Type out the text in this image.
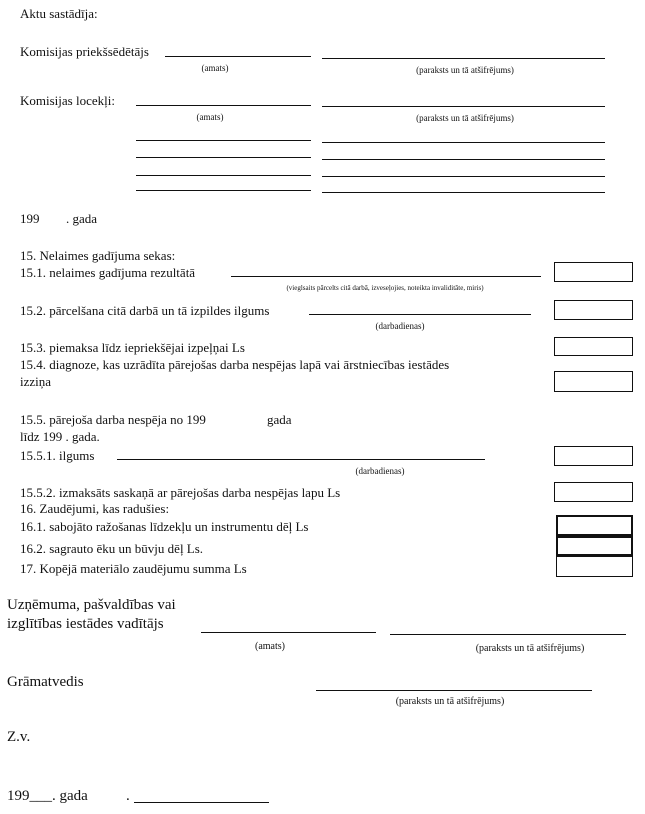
Aktu sastādīja:
Komisijas priekšsēdētājs
(amats)	(paraksts un tā atšifrējums)
Komisijas locekļi:
(amats)	(paraksts un tā atšifrējums)
199 . gada
15. Nelaimes gadījuma sekas:
15.1. nelaimes gadījuma rezultātā
(vieglsaits pārcelts citā darbā, izveseļojies, noteikta invaliditāte, miris)
15.2. pārcelšana citā darbā un tā izpildes ilgums
(darbadienas)
15.3. piemaksa līdz iepriekšējai izpeļņai Ls
15.4. diagnoze, kas uzrādīta pārejošas darba nespējas lapā vai ārstniecības iestādes
izziņa
15.5. pārejoša darba nespēja no 199	gada
līdz 199 . gada.
15.5.1. ilgums
(darbadienas)
15.5.2. izmaksāts saskaņā ar pārejošas darba nespējas lapu Ls
16. Zaudējumi, kas radušies:
16.1. sabojāto ražošanas līdzekļu un instrumentu dēļ Ls
16.2. sagrauto ēku un būvju dēļ Ls.
17. Kopējā materiālo zaudējumu summa Ls
Uzņēmuma, pašvaldības vai
izglītības iestādes vadītājs
(amats)	(paraksts un tā atšifrējums)
Grāmatvedis
(paraksts un tā atšifrējums)
Z.v.
199___. gada	.
